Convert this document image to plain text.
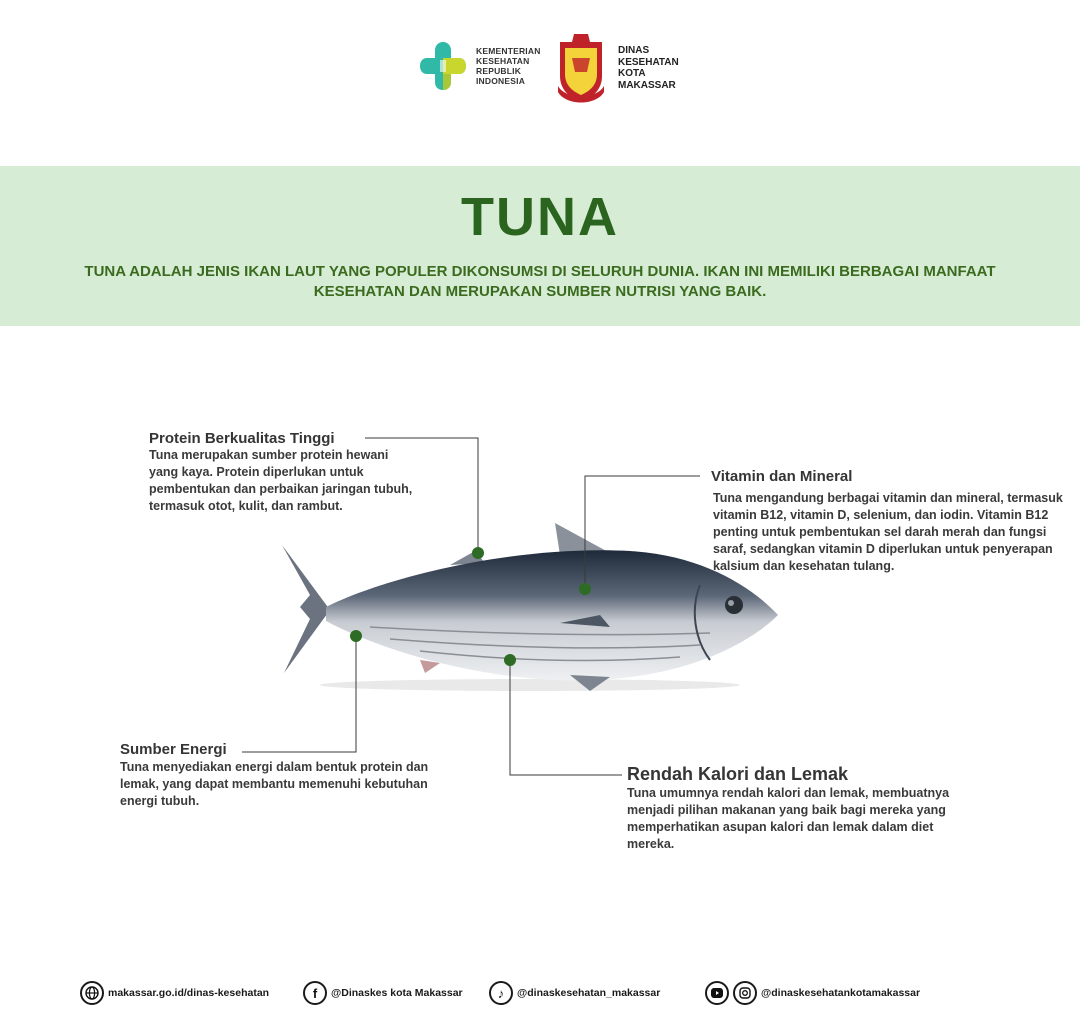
KEMENTERIAN
KESEHATAN
REPUBLIK
INDONESIA
DINAS
KESEHATAN
KOTA
MAKASSAR
TUNA
TUNA ADALAH JENIS IKAN LAUT YANG POPULER DIKONSUMSI DI SELURUH DUNIA. IKAN INI MEMILIKI BERBAGAI MANFAAT KESEHATAN DAN MERUPAKAN SUMBER NUTRISI YANG BAIK.
Protein Berkualitas Tinggi
Tuna merupakan sumber protein hewani yang kaya. Protein diperlukan untuk pembentukan dan perbaikan jaringan tubuh, termasuk otot, kulit, dan rambut.
Vitamin dan Mineral
Tuna mengandung berbagai vitamin dan mineral, termasuk vitamin B12, vitamin D, selenium, dan iodin. Vitamin B12 penting untuk pembentukan sel darah merah dan fungsi saraf, sedangkan vitamin D diperlukan untuk penyerapan kalsium dan kesehatan tulang.
Sumber Energi
Tuna menyediakan energi dalam bentuk protein dan lemak, yang dapat membantu memenuhi kebutuhan energi tubuh.
Rendah Kalori dan Lemak
Tuna umumnya rendah kalori dan lemak, membuatnya menjadi pilihan makanan yang baik bagi mereka yang memperhatikan asupan kalori dan lemak dalam diet mereka.
makassar.go.id/dinas-kesehatan	f	@Dinaskes kota Makassar	♪	@dinaskesehatan_makassar	@dinaskesehatankotamakassar
